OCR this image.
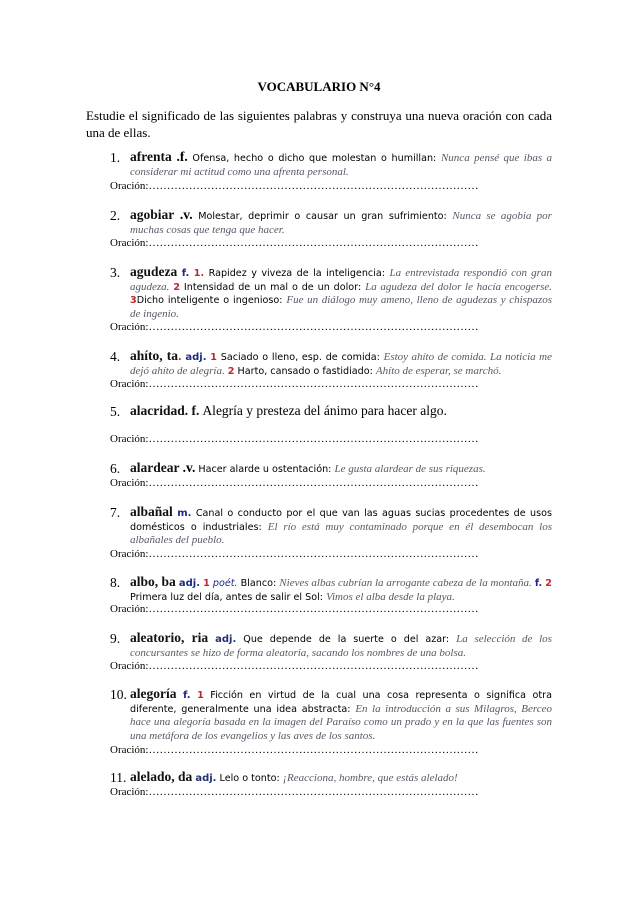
VOCABULARIO N°4
Estudie el significado de las siguientes palabras y construya una nueva oración con cada una de ellas.
1. afrenta .f. Ofensa, hecho o dicho que molestan o humillan: Nunca pensé que ibas a considerar mi actitud como una afrenta personal.
Oración:………………………………………………………………………………
2. agobiar .v. Molestar, deprimir o causar un gran sufrimiento: Nunca se agobia por muchas cosas que tenga que hacer.
Oración:………………………………………………………………………………
3. agudeza f. 1. Rapidez y viveza de la inteligencia: La entrevistada respondió con gran agudeza. 2 Intensidad de un mal o de un dolor: La agudeza del dolor le hacía encogerse. 3Dicho inteligente o ingenioso: Fue un diálogo muy ameno, lleno de agudezas y chispazos de ingenio.
Oración:………………………………………………………………………………
4. ahíto, ta. adj. 1 Saciado o lleno, esp. de comida: Estoy ahíto de comida. La noticia me dejó ahíto de alegría. 2 Harto, cansado o fastidiado: Ahíto de esperar, se marchó.
Oración:………………………………………………………………………………
5. alacridad. f. Alegría y presteza del ánimo para hacer algo.
Oración:………………………………………………………………………………
6. alardear .v. Hacer alarde u ostentación: Le gusta alardear de sus riquezas.
Oración:………………………………………………………………………………
7. albañal m. Canal o conducto por el que van las aguas sucias procedentes de usos domésticos o industriales: El río está muy contaminado porque en él desembocan los albañales del pueblo.
Oración:………………………………………………………………………………
8. albo, ba adj. 1 poét. Blanco: Nieves albas cubrían la arrogante cabeza de la montaña. f. 2 Primera luz del día, antes de salir el Sol: Vimos el alba desde la playa.
Oración:………………………………………………………………………………
9. aleatorio, ria adj. Que depende de la suerte o del azar: La selección de los concursantes se hizo de forma aleatoria, sacando los nombres de una bolsa.
Oración:………………………………………………………………………………
10. alegoría f. 1 Ficción en virtud de la cual una cosa representa o significa otra diferente, generalmente una idea abstracta: En la introducción a sus Milagros, Berceo hace una alegoría basada en la imagen del Paraíso como un prado y en la que las fuentes son una metáfora de los evangelios y las aves de los santos.
Oración:………………………………………………………………………………
11. alelado, da adj. Lelo o tonto: ¡Reacciona, hombre, que estás alelado!
Oración:………………………………………………………………………………
